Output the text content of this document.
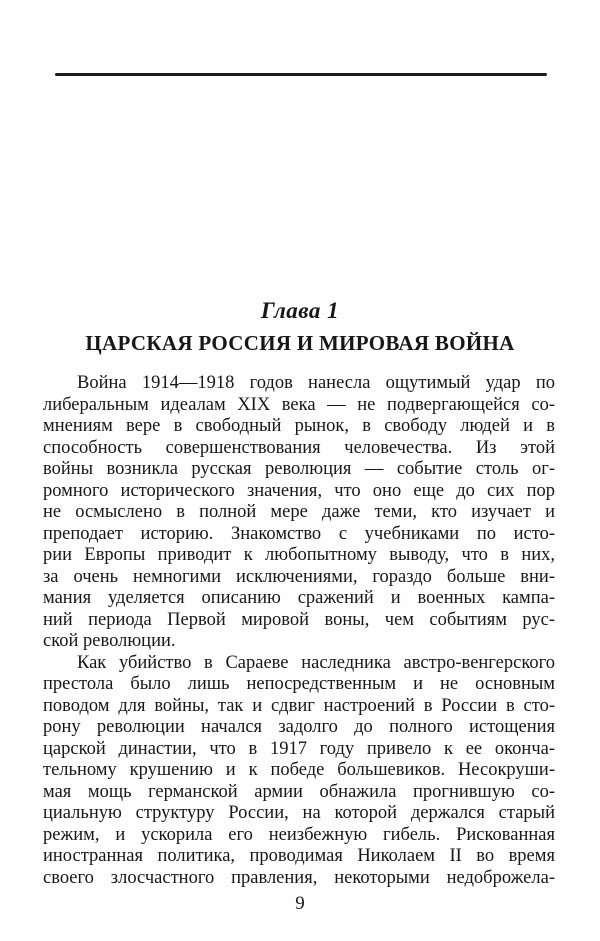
Глава 1
ЦАРСКАЯ РОССИЯ И МИРОВАЯ ВОЙНА
Война 1914—1918 годов нанесла ощутимый удар по
либеральным идеалам XIX века — не подвергающейся со-
мнениям вере в свободный рынок, в свободу людей и в
способность совершенствования человечества. Из этой
войны возникла русская революция — событие столь ог-
ромного исторического значения, что оно еще до сих пор
не осмыслено в полной мере даже теми, кто изучает и
преподает историю. Знакомство с учебниками по исто-
рии Европы приводит к любопытному выводу, что в них,
за очень немногими исключениями, гораздо больше вни-
мания уделяется описанию сражений и военных кампа-
ний периода Первой мировой воны, чем событиям рус-
ской революции.
Как убийство в Сараеве наследника австро-венгерского
престола было лишь непосредственным и не основным
поводом для войны, так и сдвиг настроений в России в сто-
рону революции начался задолго до полного истощения
царской династии, что в 1917 году привело к ее оконча-
тельному крушению и к победе большевиков. Несокруши-
мая мощь германской армии обнажила прогнившую со-
циальную структуру России, на которой держался старый
режим, и ускорила его неизбежную гибель. Рискованная
иностранная политика, проводимая Николаем II во время
своего злосчастного правления, некоторыми недоброжела-
9
